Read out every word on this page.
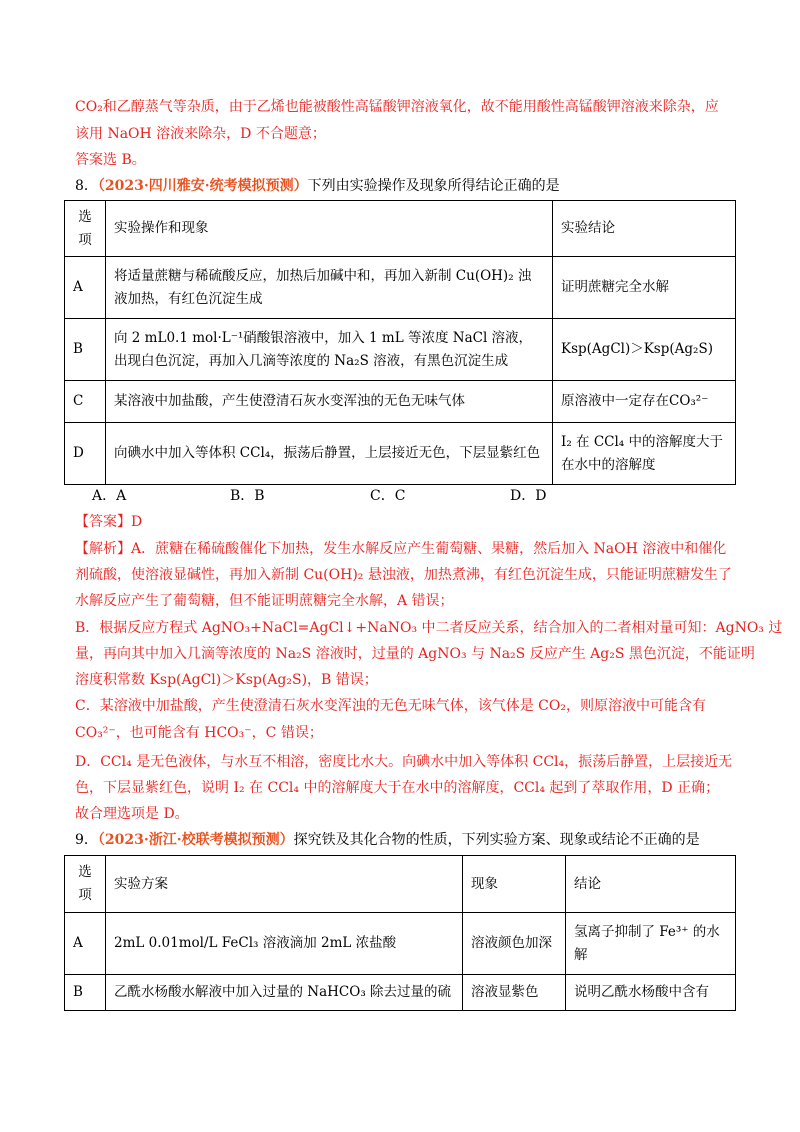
CO₂和乙醇蒸气等杂质，由于乙烯也能被酸性高锰酸钾溶液氧化，故不能用酸性高锰酸钾溶液来除杂，应
该用 NaOH 溶液来除杂，D 不合题意；
答案选 B。
8．（2023·四川雅安·统考模拟预测）下列由实验操作及现象所得结论正确的是
选项	实验操作和现象	实验结论
A	将适量蔗糖与稀硫酸反应，加热后加碱中和，再加入新制 Cu(OH)₂ 浊液加热，有红色沉淀生成	证明蔗糖完全水解
B	向 2 mL0.1 mol·L⁻¹硝酸银溶液中，加入 1 mL 等浓度 NaCl 溶液，出现白色沉淀，再加入几滴等浓度的 Na₂S 溶液，有黑色沉淀生成	Ksp(AgCl)＞Ksp(Ag₂S)
C	某溶液中加盐酸，产生使澄清石灰水变浑浊的无色无味气体	原溶液中一定存在CO₃²⁻
D	向碘水中加入等体积 CCl₄，振荡后静置，上层接近无色，下层显紫红色	I₂ 在 CCl₄ 中的溶解度大于在水中的溶解度
A．A	B．B	C．C	D．D
【答案】D
【解析】A．蔗糖在稀硫酸催化下加热，发生水解反应产生葡萄糖、果糖，然后加入 NaOH 溶液中和催化
剂硫酸，使溶液显碱性，再加入新制 Cu(OH)₂ 悬浊液，加热煮沸，有红色沉淀生成，只能证明蔗糖发生了
水解反应产生了葡萄糖，但不能证明蔗糖完全水解，A 错误；
B．根据反应方程式 AgNO₃+NaCl=AgCl↓+NaNO₃ 中二者反应关系，结合加入的二者相对量可知：AgNO₃ 过
量，再向其中加入几滴等浓度的 Na₂S 溶液时，过量的 AgNO₃ 与 Na₂S 反应产生 Ag₂S 黑色沉淀，不能证明
溶度积常数 Ksp(AgCl)＞Ksp(Ag₂S)，B 错误；
C．某溶液中加盐酸，产生使澄清石灰水变浑浊的无色无味气体，该气体是 CO₂，则原溶液中可能含有
CO₃²⁻，也可能含有 HCO₃⁻，C 错误；
D．CCl₄ 是无色液体，与水互不相溶，密度比水大。向碘水中加入等体积 CCl₄，振荡后静置，上层接近无
色，下层显紫红色，说明 I₂ 在 CCl₄ 中的溶解度大于在水中的溶解度，CCl₄ 起到了萃取作用，D 正确；
故合理选项是 D。
9．（2023·浙江·校联考模拟预测）探究铁及其化合物的性质，下列实验方案、现象或结论不正确的是
选项	实验方案	现象	结论
A	2mL 0.01mol/L FeCl₃ 溶液滴加 2mL 浓盐酸	溶液颜色加深	氢离子抑制了 Fe³⁺ 的水解
B	乙酰水杨酸水解液中加入过量的 NaHCO₃ 除去过量的硫	溶液显紫色	说明乙酰水杨酸中含有
